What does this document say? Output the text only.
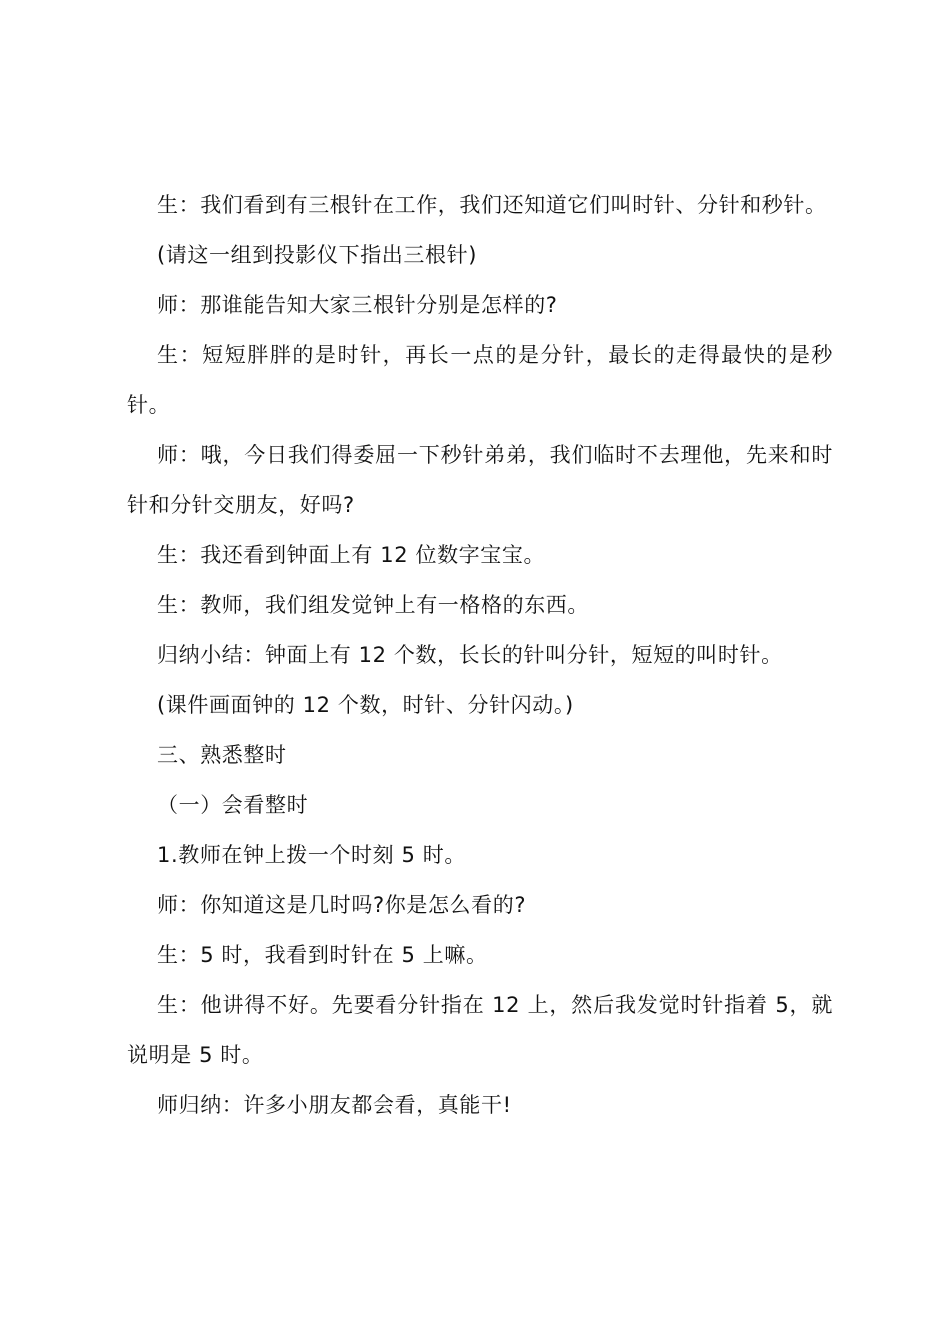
生：我们看到有三根针在工作，我们还知道它们叫时针、分针和秒针。

(请这一组到投影仪下指出三根针)

师：那谁能告知大家三根针分别是怎样的?

生：短短胖胖的是时针，再长一点的是分针，最长的走得最快的是秒针。

师：哦，今日我们得委屈一下秒针弟弟，我们临时不去理他，先来和时针和分针交朋友，好吗?

生：我还看到钟面上有 12 位数字宝宝。

生：教师，我们组发觉钟上有一格格的东西。

归纳小结：钟面上有 12 个数，长长的针叫分针，短短的叫时针。

(课件画面钟的 12 个数，时针、分针闪动。)

三、熟悉整时

（一）会看整时

1.教师在钟上拨一个时刻 5 时。

师：你知道这是几时吗?你是怎么看的?

生：5 时，我看到时针在 5 上嘛。

生：他讲得不好。先要看分针指在 12 上，然后我发觉时针指着 5，就说明是 5 时。

师归纳：许多小朋友都会看，真能干!
